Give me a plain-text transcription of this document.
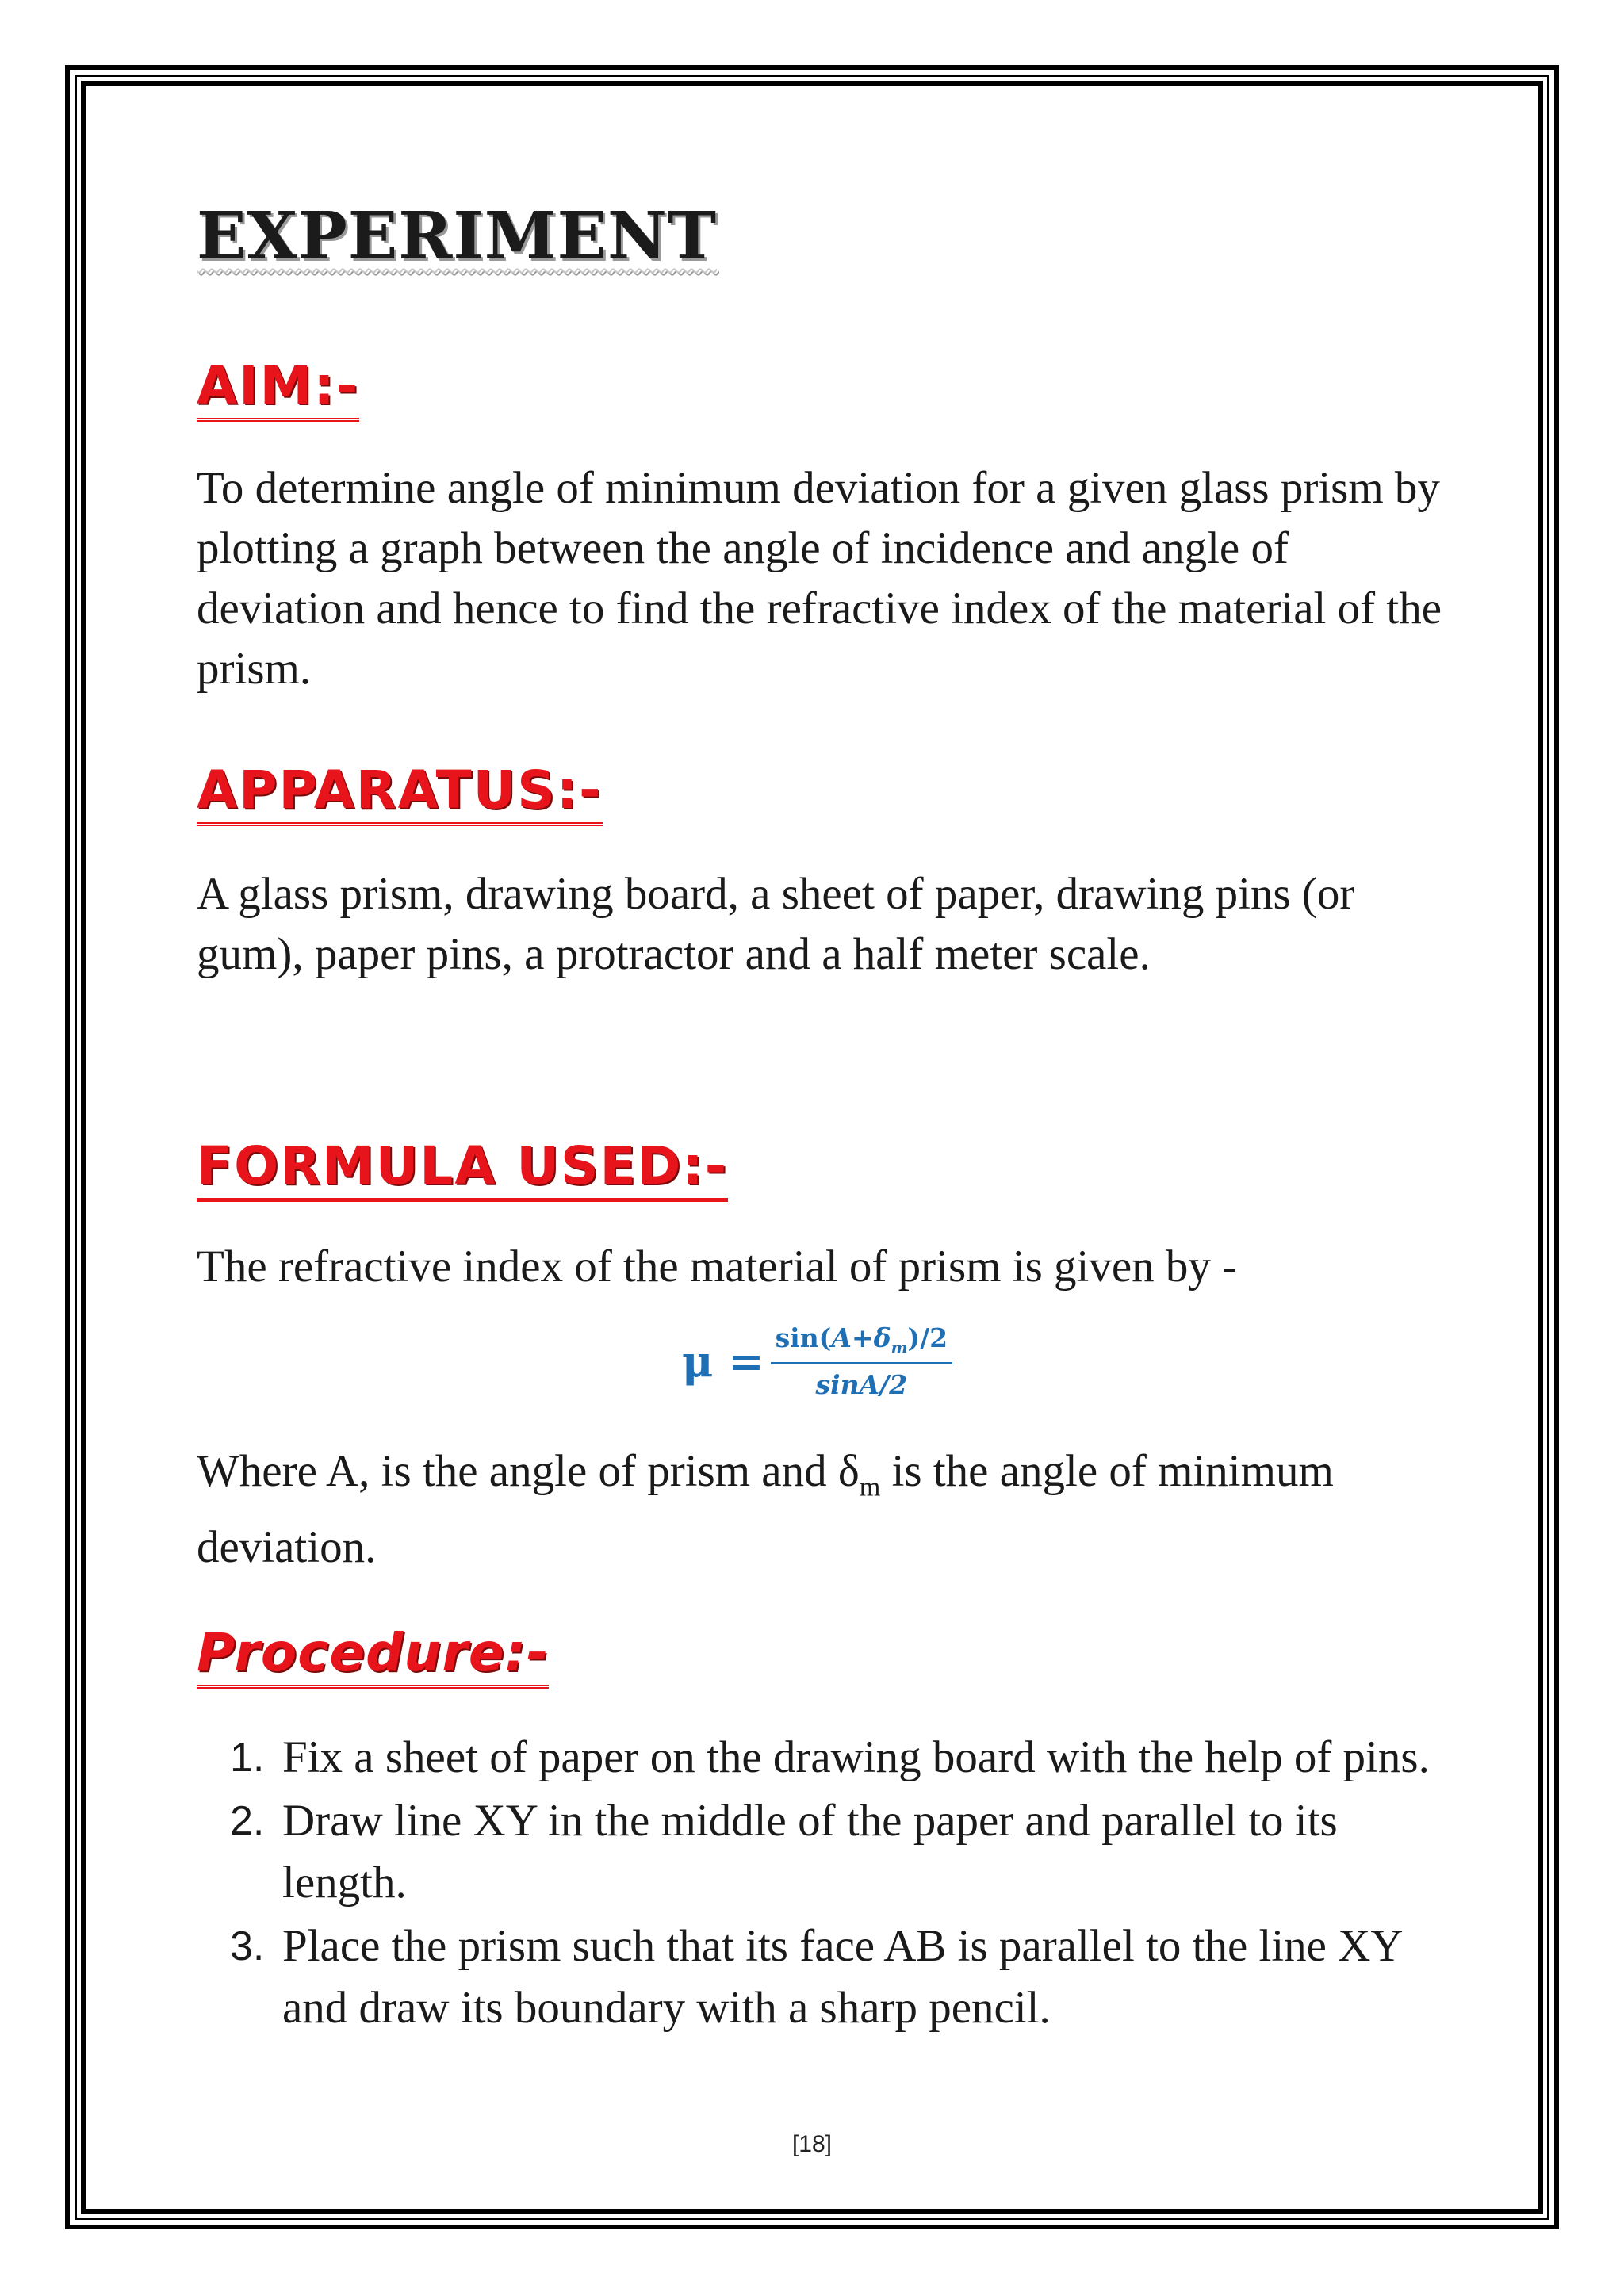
EXPERIMENT
AIM:-

To determine angle of minimum deviation for a given glass prism by plotting a graph between the angle of incidence and angle of deviation and hence to find the refractive index of the material of the prism.

APPARATUS:-

A glass prism, drawing board, a sheet of paper, drawing pins (or gum), paper pins, a protractor and a half meter scale.

FORMULA USED:-

The refractive index of the material of prism is given by -

$\mu = \frac{\sin(A+\delta_m)/2}{\sin A/2}$

Where A, is the angle of prism and $\delta_m$ is the angle of minimum deviation.

Procedure:-
1. Fix a sheet of paper on the drawing board with the help of pins.
2. Draw line XY in the middle of the paper and parallel to its length.
3. Place the prism such that its face AB is parallel to the line XY and draw its boundary with a sharp pencil.
[18]
